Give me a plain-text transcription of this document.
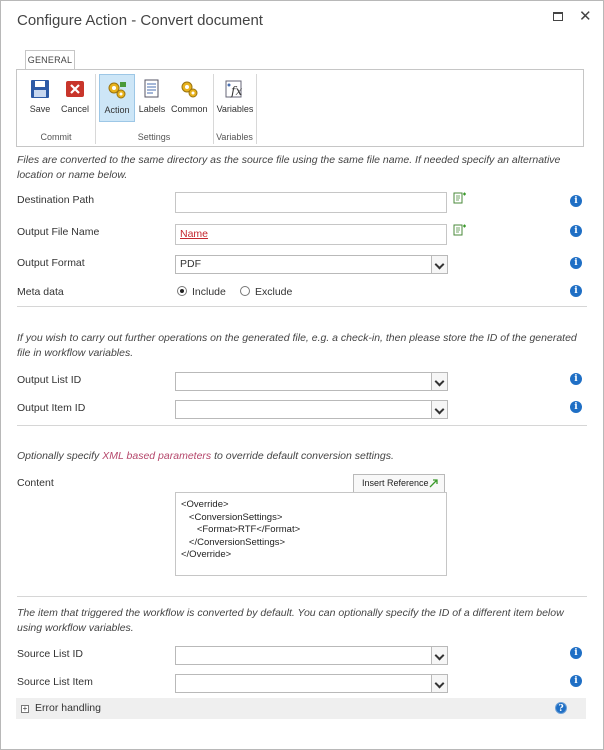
Configure Action - Convert document	✕
GENERAL
Save	Cancel	Action	Labels Common
fx
Variables
Commit	Settings	Variables
Files are converted to the same directory as the source file using the same file name. If needed specify an alternative location or name below.
Destination Path	i
Output File Name	Name	i
Output Format	PDF	i
Meta data	Include	Exclude	i
If you wish to carry out further operations on the generated file, e.g. a check-in, then please store the ID of the generated file in workflow variables.
Output List ID	i
Output Item ID	i
Optionally specify XML based parameters to override default conversion settings.
Content	Insert Reference
<Override>
<ConversionSettings>
<Format>RTF</Format>
</ConversionSettings>
</Override>
The item that triggered the workflow is converted by default. You can optionally specify the ID of a different item below using workflow variables.
Source List ID	i
Source List Item	i
+ Error handling	?
